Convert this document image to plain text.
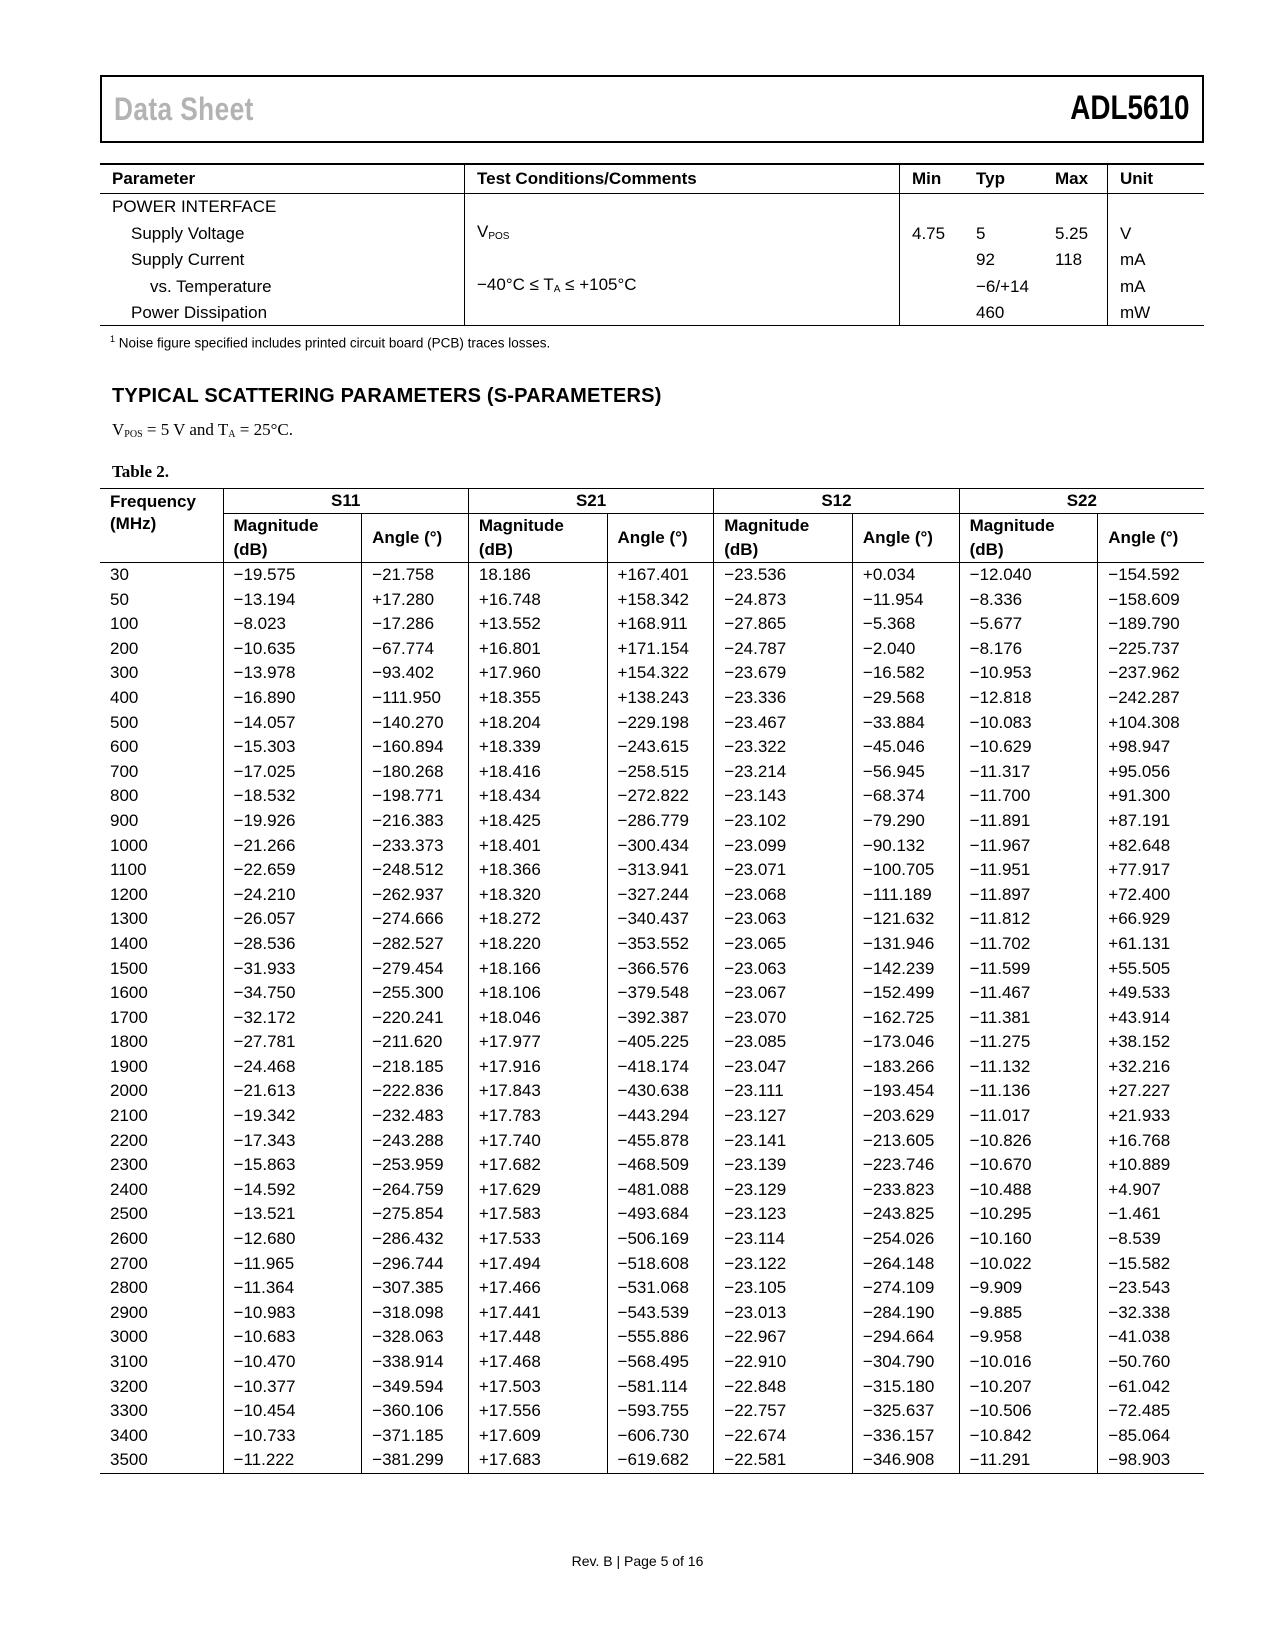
Data Sheet	ADL5610
Parameter	Test Conditions/Comments	Min	Typ	Max	Unit
POWER INTERFACE					
Supply Voltage	$V_{POS}$	4.75	5	5.25	V
Supply Current			92	118	mA
vs. Temperature	$-40^\circ C \le T_A \le +105^\circ C$		−6/+14		mA
Power Dissipation			460		mW
$^1$ Noise figure specified includes printed circuit board (PCB) traces losses.
TYPICAL SCATTERING PARAMETERS (S-PARAMETERS)
$V_{POS} = 5$ V and $T_A = 25^\circ C$.
Table 2.
Frequency
(MHz)	S11		S21		S12		S22	
	Magnitude (dB)	Angle (°)	Magnitude (dB)	Angle (°)	Magnitude (dB)	Angle (°)	Magnitude (dB)	Angle (°)
30	−19.575	−21.758	18.186	+167.401	−23.536	+0.034	−12.040	−154.592
50	−13.194	+17.280	+16.748	+158.342	−24.873	−11.954	−8.336	−158.609
100	−8.023	−17.286	+13.552	+168.911	−27.865	−5.368	−5.677	−189.790
200	−10.635	−67.774	+16.801	+171.154	−24.787	−2.040	−8.176	−225.737
300	−13.978	−93.402	+17.960	+154.322	−23.679	−16.582	−10.953	−237.962
400	−16.890	−111.950	+18.355	+138.243	−23.336	−29.568	−12.818	−242.287
500	−14.057	−140.270	+18.204	−229.198	−23.467	−33.884	−10.083	+104.308
600	−15.303	−160.894	+18.339	−243.615	−23.322	−45.046	−10.629	+98.947
700	−17.025	−180.268	+18.416	−258.515	−23.214	−56.945	−11.317	+95.056
800	−18.532	−198.771	+18.434	−272.822	−23.143	−68.374	−11.700	+91.300
900	−19.926	−216.383	+18.425	−286.779	−23.102	−79.290	−11.891	+87.191
1000	−21.266	−233.373	+18.401	−300.434	−23.099	−90.132	−11.967	+82.648
1100	−22.659	−248.512	+18.366	−313.941	−23.071	−100.705	−11.951	+77.917
1200	−24.210	−262.937	+18.320	−327.244	−23.068	−111.189	−11.897	+72.400
1300	−26.057	−274.666	+18.272	−340.437	−23.063	−121.632	−11.812	+66.929
1400	−28.536	−282.527	+18.220	−353.552	−23.065	−131.946	−11.702	+61.131
1500	−31.933	−279.454	+18.166	−366.576	−23.063	−142.239	−11.599	+55.505
1600	−34.750	−255.300	+18.106	−379.548	−23.067	−152.499	−11.467	+49.533
1700	−32.172	−220.241	+18.046	−392.387	−23.070	−162.725	−11.381	+43.914
1800	−27.781	−211.620	+17.977	−405.225	−23.085	−173.046	−11.275	+38.152
1900	−24.468	−218.185	+17.916	−418.174	−23.047	−183.266	−11.132	+32.216
2000	−21.613	−222.836	+17.843	−430.638	−23.111	−193.454	−11.136	+27.227
2100	−19.342	−232.483	+17.783	−443.294	−23.127	−203.629	−11.017	+21.933
2200	−17.343	−243.288	+17.740	−455.878	−23.141	−213.605	−10.826	+16.768
2300	−15.863	−253.959	+17.682	−468.509	−23.139	−223.746	−10.670	+10.889
2400	−14.592	−264.759	+17.629	−481.088	−23.129	−233.823	−10.488	+4.907
2500	−13.521	−275.854	+17.583	−493.684	−23.123	−243.825	−10.295	−1.461
2600	−12.680	−286.432	+17.533	−506.169	−23.114	−254.026	−10.160	−8.539
2700	−11.965	−296.744	+17.494	−518.608	−23.122	−264.148	−10.022	−15.582
2800	−11.364	−307.385	+17.466	−531.068	−23.105	−274.109	−9.909	−23.543
2900	−10.983	−318.098	+17.441	−543.539	−23.013	−284.190	−9.885	−32.338
3000	−10.683	−328.063	+17.448	−555.886	−22.967	−294.664	−9.958	−41.038
3100	−10.470	−338.914	+17.468	−568.495	−22.910	−304.790	−10.016	−50.760
3200	−10.377	−349.594	+17.503	−581.114	−22.848	−315.180	−10.207	−61.042
3300	−10.454	−360.106	+17.556	−593.755	−22.757	−325.637	−10.506	−72.485
3400	−10.733	−371.185	+17.609	−606.730	−22.674	−336.157	−10.842	−85.064
3500	−11.222	−381.299	+17.683	−619.682	−22.581	−346.908	−11.291	−98.903
Rev. B | Page 5 of 16
